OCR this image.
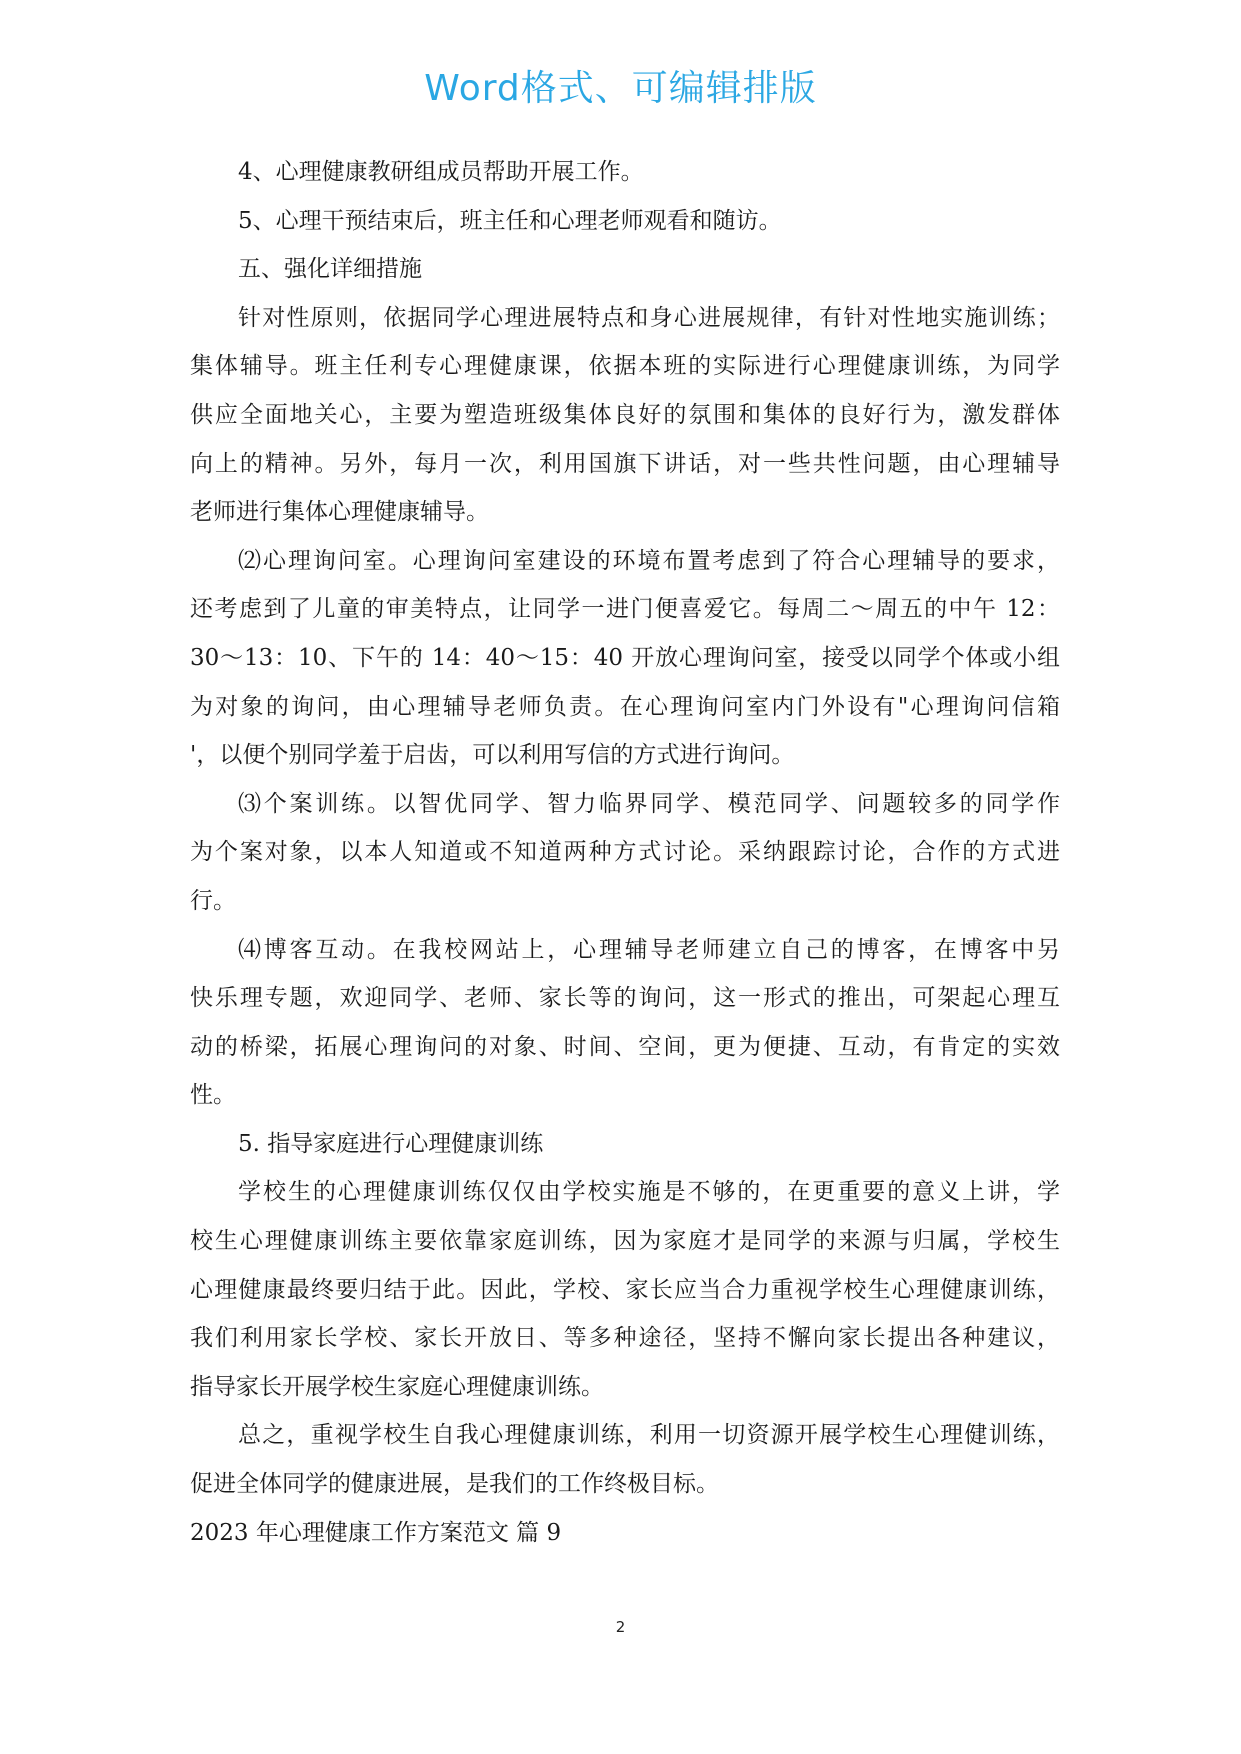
Word格式、可编辑排版
4、心理健康教研组成员帮助开展工作。
5、心理干预结束后，班主任和心理老师观看和随访。
五、强化详细措施
针对性原则，依据同学心理进展特点和身心进展规律，有针对性地实施训练；
集体辅导。班主任利专心理健康课，依据本班的实际进行心理健康训练，为同学
供应全面地关心，主要为塑造班级集体良好的氛围和集体的良好行为，激发群体
向上的精神。另外，每月一次，利用国旗下讲话，对一些共性问题，由心理辅导
老师进行集体心理健康辅导。
⑵心理询问室。心理询问室建设的环境布置考虑到了符合心理辅导的要求，
还考虑到了儿童的审美特点，让同学一进门便喜爱它。每周二～周五的中午 12：
30～13：10、下午的 14：40～15：40 开放心理询问室，接受以同学个体或小组
为对象的询问，由心理辅导老师负责。在心理询问室内门外设有"心理询问信箱
'，以便个别同学羞于启齿，可以利用写信的方式进行询问。
⑶个案训练。以智优同学、智力临界同学、模范同学、问题较多的同学作
为个案对象，以本人知道或不知道两种方式讨论。采纳跟踪讨论，合作的方式进
行。
⑷博客互动。在我校网站上，心理辅导老师建立自己的博客，在博客中另
快乐理专题，欢迎同学、老师、家长等的询问，这一形式的推出，可架起心理互
动的桥梁，拓展心理询问的对象、时间、空间，更为便捷、互动，有肯定的实效
性。
5. 指导家庭进行心理健康训练
学校生的心理健康训练仅仅由学校实施是不够的，在更重要的意义上讲，学
校生心理健康训练主要依靠家庭训练，因为家庭才是同学的来源与归属，学校生
心理健康最终要归结于此。因此，学校、家长应当合力重视学校生心理健康训练，
我们利用家长学校、家长开放日、等多种途径，坚持不懈向家长提出各种建议，
指导家长开展学校生家庭心理健康训练。
总之，重视学校生自我心理健康训练，利用一切资源开展学校生心理健训练，
促进全体同学的健康进展，是我们的工作终极目标。
2023 年心理健康工作方案范文 篇 9
2
